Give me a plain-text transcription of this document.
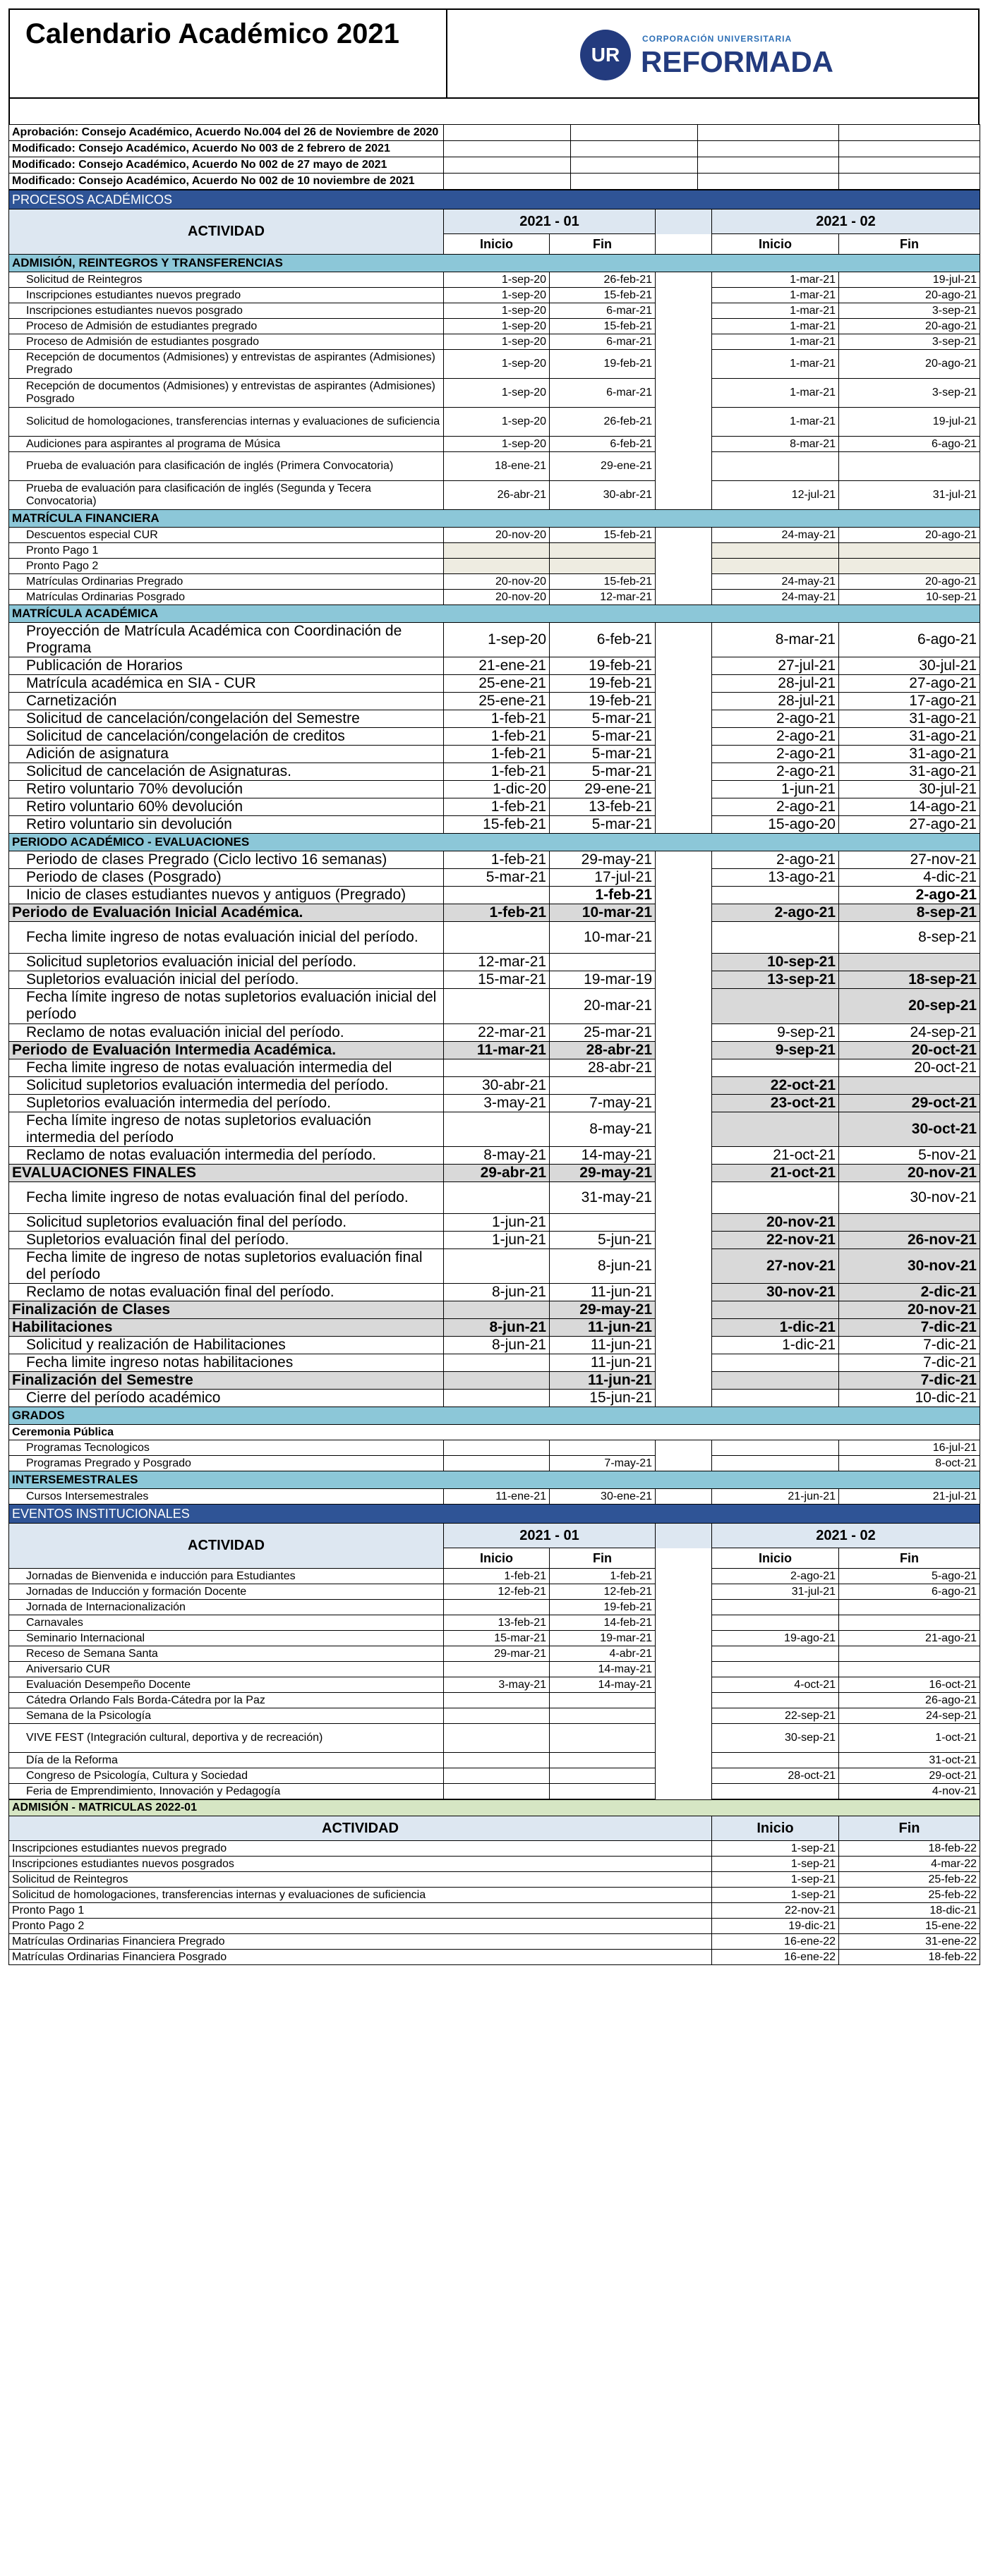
Calendario Académico 2021
UR
CORPORACIÓN UNIVERSITARIA
REFORMADA
Aprobación: Consejo Académico, Acuerdo No.004 del 26 de Noviembre de 2020				
Modificado: Consejo Académico, Acuerdo No 003 de 2 febrero de 2021				
Modificado: Consejo Académico, Acuerdo No 002 de 27 mayo de 2021				
Modificado: Consejo Académico, Acuerdo No 002 de 10 noviembre de 2021				
PROCESOS ACADÉMICOS					
ACTIVIDAD	2021 - 01			2021 - 02	
	Inicio	Fin		Inicio	Fin
ADMISIÓN, REINTEGROS Y TRANSFERENCIAS					
Solicitud de Reintegros	1-sep-20	26-feb-21		1-mar-21	19-jul-21
Inscripciones estudiantes nuevos pregrado	1-sep-20	15-feb-21		1-mar-21	20-ago-21
Inscripciones estudiantes nuevos posgrado	1-sep-20	6-mar-21		1-mar-21	3-sep-21
Proceso de Admisión de estudiantes pregrado	1-sep-20	15-feb-21		1-mar-21	20-ago-21
Proceso de Admisión de estudiantes posgrado	1-sep-20	6-mar-21		1-mar-21	3-sep-21
Recepción de documentos (Admisiones) y entrevistas de aspirantes (Admisiones) Pregrado	1-sep-20	19-feb-21		1-mar-21	20-ago-21
Recepción de documentos (Admisiones) y entrevistas de aspirantes (Admisiones) Posgrado	1-sep-20	6-mar-21		1-mar-21	3-sep-21
Solicitud de homologaciones, transferencias internas y evaluaciones de suficiencia	1-sep-20	26-feb-21		1-mar-21	19-jul-21
Audiciones para aspirantes al programa de Música	1-sep-20	6-feb-21		8-mar-21	6-ago-21
Prueba de evaluación para clasificación de inglés (Primera Convocatoria)	18-ene-21	29-ene-21			
Prueba de evaluación para clasificación de inglés (Segunda y Tecera Convocatoria)	26-abr-21	30-abr-21		12-jul-21	31-jul-21
MATRÍCULA FINANCIERA					
Descuentos especial CUR	20-nov-20	15-feb-21		24-may-21	20-ago-21
Pronto Pago 1					
Pronto Pago 2					
Matrículas Ordinarias Pregrado	20-nov-20	15-feb-21		24-may-21	20-ago-21
Matrículas Ordinarias Posgrado	20-nov-20	12-mar-21		24-may-21	10-sep-21
MATRÍCULA ACADÉMICA					
Proyección de Matrícula Académica con Coordinación de Programa	1-sep-20	6-feb-21		8-mar-21	6-ago-21
Publicación de Horarios	21-ene-21	19-feb-21		27-jul-21	30-jul-21
Matrícula académica en SIA - CUR	25-ene-21	19-feb-21		28-jul-21	27-ago-21
Carnetización	25-ene-21	19-feb-21		28-jul-21	17-ago-21
Solicitud de cancelación/congelación del Semestre	1-feb-21	5-mar-21		2-ago-21	31-ago-21
Solicitud de cancelación/congelación de creditos	1-feb-21	5-mar-21		2-ago-21	31-ago-21
Adición de asignatura	1-feb-21	5-mar-21		2-ago-21	31-ago-21
Solicitud de cancelación de Asignaturas.	1-feb-21	5-mar-21		2-ago-21	31-ago-21
Retiro voluntario 70% devolución	1-dic-20	29-ene-21		1-jun-21	30-jul-21
Retiro voluntario 60% devolución	1-feb-21	13-feb-21		2-ago-21	14-ago-21
Retiro voluntario sin devolución	15-feb-21	5-mar-21		15-ago-20	27-ago-21
PERIODO ACADÉMICO - EVALUACIONES					
Periodo de clases Pregrado (Ciclo lectivo 16 semanas)	1-feb-21	29-may-21		2-ago-21	27-nov-21
Periodo de clases (Posgrado)	5-mar-21	17-jul-21		13-ago-21	4-dic-21
Inicio de clases estudiantes nuevos y antiguos (Pregrado)		1-feb-21			2-ago-21
Periodo de Evaluación Inicial Académica.	1-feb-21	10-mar-21		2-ago-21	8-sep-21
Fecha limite ingreso de notas evaluación inicial del período.		10-mar-21			8-sep-21
Solicitud supletorios evaluación inicial del período.	12-mar-21			10-sep-21	
Supletorios evaluación inicial del período.	15-mar-21	19-mar-19		13-sep-21	18-sep-21
Fecha límite ingreso de notas supletorios evaluación inicial del período		20-mar-21			20-sep-21
Reclamo de notas evaluación inicial del período.	22-mar-21	25-mar-21		9-sep-21	24-sep-21
Periodo de Evaluación Intermedia Académica.	11-mar-21	28-abr-21		9-sep-21	20-oct-21
Fecha limite ingreso de notas evaluación intermedia del		28-abr-21			20-oct-21
Solicitud supletorios evaluación intermedia del período.	30-abr-21			22-oct-21	
Supletorios evaluación intermedia del período.	3-may-21	7-may-21		23-oct-21	29-oct-21
Fecha límite ingreso de notas supletorios evaluación intermedia del período		8-may-21			30-oct-21
Reclamo de notas evaluación intermedia del período.	8-may-21	14-may-21		21-oct-21	5-nov-21
EVALUACIONES FINALES	29-abr-21	29-may-21		21-oct-21	20-nov-21
Fecha limite ingreso de notas evaluación final del período.		31-may-21			30-nov-21
Solicitud supletorios evaluación final del período.	1-jun-21			20-nov-21	
Supletorios evaluación final del período.	1-jun-21	5-jun-21		22-nov-21	26-nov-21
Fecha limite de ingreso de notas supletorios evaluación final del período		8-jun-21		27-nov-21	30-nov-21
Reclamo de notas evaluación final del período.	8-jun-21	11-jun-21		30-nov-21	2-dic-21
Finalización de Clases		29-may-21			20-nov-21
Habilitaciones	8-jun-21	11-jun-21		1-dic-21	7-dic-21
Solicitud y realización de Habilitaciones	8-jun-21	11-jun-21		1-dic-21	7-dic-21
Fecha limite ingreso notas habilitaciones		11-jun-21			7-dic-21
Finalización del Semestre		11-jun-21			7-dic-21
Cierre del período académico		15-jun-21			10-dic-21
GRADOS					
Ceremonia Pública					
Programas Tecnologicos					16-jul-21
Programas Pregrado y Posgrado		7-may-21			8-oct-21
INTERSEMESTRALES					
Cursos Intersemestrales	11-ene-21	30-ene-21		21-jun-21	21-jul-21
EVENTOS INSTITUCIONALES					
ACTIVIDAD	2021 - 01			2021 - 02	
	Inicio	Fin		Inicio	Fin
Jornadas de Bienvenida e inducción para Estudiantes	1-feb-21	1-feb-21		2-ago-21	5-ago-21
Jornadas de Inducción y formación Docente	12-feb-21	12-feb-21		31-jul-21	6-ago-21
Jornada de Internacionalización		19-feb-21			
Carnavales	13-feb-21	14-feb-21			
Seminario Internacional	15-mar-21	19-mar-21		19-ago-21	21-ago-21
Receso de Semana Santa	29-mar-21	4-abr-21			
Aniversario CUR		14-may-21			
Evaluación Desempeño Docente	3-may-21	14-may-21		4-oct-21	16-oct-21
Cátedra Orlando Fals Borda-Cátedra por la Paz					26-ago-21
Semana de la Psicología				22-sep-21	24-sep-21
VIVE FEST (Integración cultural, deportiva y de recreación)				30-sep-21	1-oct-21
Día de la Reforma					31-oct-21
Congreso de Psicología, Cultura y Sociedad				28-oct-21	29-oct-21
Feria de Emprendimiento, Innovación y Pedagogía					4-nov-21
ADMISIÓN - MATRICULAS 2022-01		
ACTIVIDAD	Inicio	Fin
Inscripciones estudiantes nuevos pregrado	1-sep-21	18-feb-22
Inscripciones estudiantes nuevos posgrados	1-sep-21	4-mar-22
Solicitud de Reintegros	1-sep-21	25-feb-22
Solicitud de homologaciones, transferencias internas y evaluaciones de suficiencia	1-sep-21	25-feb-22
Pronto Pago 1	22-nov-21	18-dic-21
Pronto Pago 2	19-dic-21	15-ene-22
Matrículas Ordinarias Financiera Pregrado	16-ene-22	31-ene-22
Matrículas Ordinarias Financiera Posgrado	16-ene-22	18-feb-22
